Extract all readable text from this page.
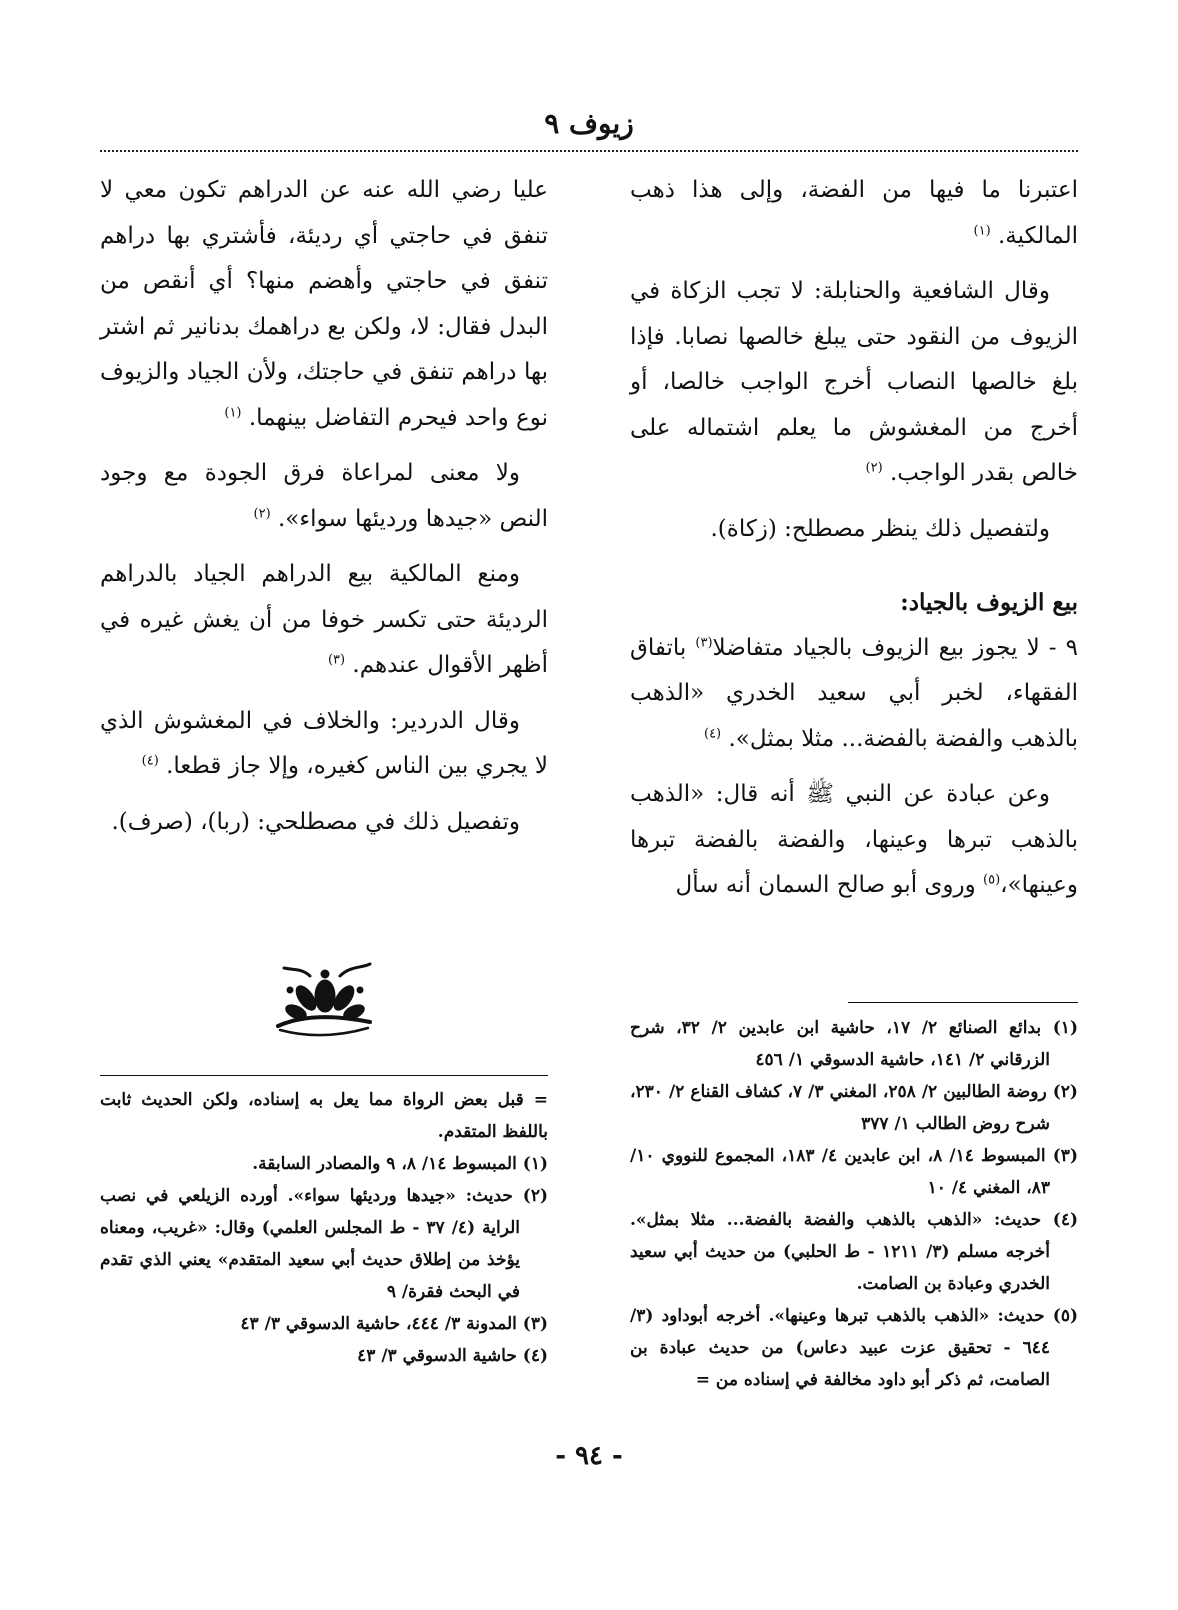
زيوف ٩

اعتبرنا ما فيها من الفضة، وإلى هذا ذهب المالكية. $^{(١)}$

وقال الشافعية والحنابلة: لا تجب الزكاة في الزيوف من النقود حتى يبلغ خالصها نصابا. فإذا بلغ خالصها النصاب أخرج الواجب خالصا، أو أخرج من المغشوش ما يعلم اشتماله على خالص بقدر الواجب. $^{(٢)}$

ولتفصيل ذلك ينظر مصطلح: (زكاة).

بيع الزيوف بالجياد:

٩ - لا يجوز بيع الزيوف بالجياد متفاضلا$^{(٣)}$ باتفاق الفقهاء، لخبر أبي سعيد الخدري «الذهب بالذهب والفضة بالفضة... مثلا بمثل». $^{(٤)}$

وعن عبادة عن النبي ﷺ أنه قال: «الذهب بالذهب تبرها وعينها، والفضة بالفضة تبرها وعينها»،$^{(٥)}$ وروى أبو صالح السمان أنه سأل

عليا رضي الله عنه عن الدراهم تكون معي لا تنفق في حاجتي أي رديئة، فأشتري بها دراهم تنفق في حاجتي وأهضم منها؟ أي أنقص من البدل فقال: لا، ولكن بع دراهمك بدنانير ثم اشتر بها دراهم تنفق في حاجتك، ولأن الجياد والزيوف نوع واحد فيحرم التفاضل بينهما. $^{(١)}$

ولا معنى لمراعاة فرق الجودة مع وجود النص «جيدها ورديئها سواء». $^{(٢)}$

ومنع المالكية بيع الدراهم الجياد بالدراهم الرديئة حتى تكسر خوفا من أن يغش غيره في أظهر الأقوال عندهم. $^{(٣)}$

وقال الدردير: والخلاف في المغشوش الذي لا يجري بين الناس كغيره، وإلا جاز قطعا. $^{(٤)}$

وتفصيل ذلك في مصطلحي: (ربا)، (صرف).

(١) بدائع الصنائع ٢/ ١٧، حاشية ابن عابدين ٢/ ٣٢، شرح الزرقاني ٢/ ١٤١، حاشية الدسوقي ١/ ٤٥٦

(٢) روضة الطالبين ٢/ ٢٥٨، المغني ٣/ ٧، كشاف القناع ٢/ ٢٣٠، شرح روض الطالب ١/ ٣٧٧

(٣) المبسوط ١٤/ ٨، ابن عابدين ٤/ ١٨٣، المجموع للنووي ١٠/ ٨٣، المغني ٤/ ١٠

(٤) حديث: «الذهب بالذهب والفضة بالفضة... مثلا بمثل». أخرجه مسلم (٣/ ١٢١١ - ط الحلبي) من حديث أبي سعيد الخدري وعبادة بن الصامت.

(٥) حديث: «الذهب بالذهب تبرها وعينها». أخرجه أبوداود (٣/ ٦٤٤ - تحقيق عزت عبيد دعاس) من حديث عبادة بن الصامت، ثم ذكر أبو داود مخالفة في إسناده من =

= قبل بعض الرواة مما يعل به إسناده، ولكن الحديث ثابت باللفظ المتقدم.

(١) المبسوط ١٤/ ٨، ٩ والمصادر السابقة.

(٢) حديث: «جيدها ورديئها سواء». أورده الزيلعي في نصب الراية (٤/ ٣٧ - ط المجلس العلمي) وقال: «غريب، ومعناه يؤخذ من إطلاق حديث أبي سعيد المتقدم» يعني الذي تقدم في البحث فقرة/ ٩

(٣) المدونة ٣/ ٤٤٤، حاشية الدسوقي ٣/ ٤٣

(٤) حاشية الدسوقي ٣/ ٤٣

- ٩٤ -
